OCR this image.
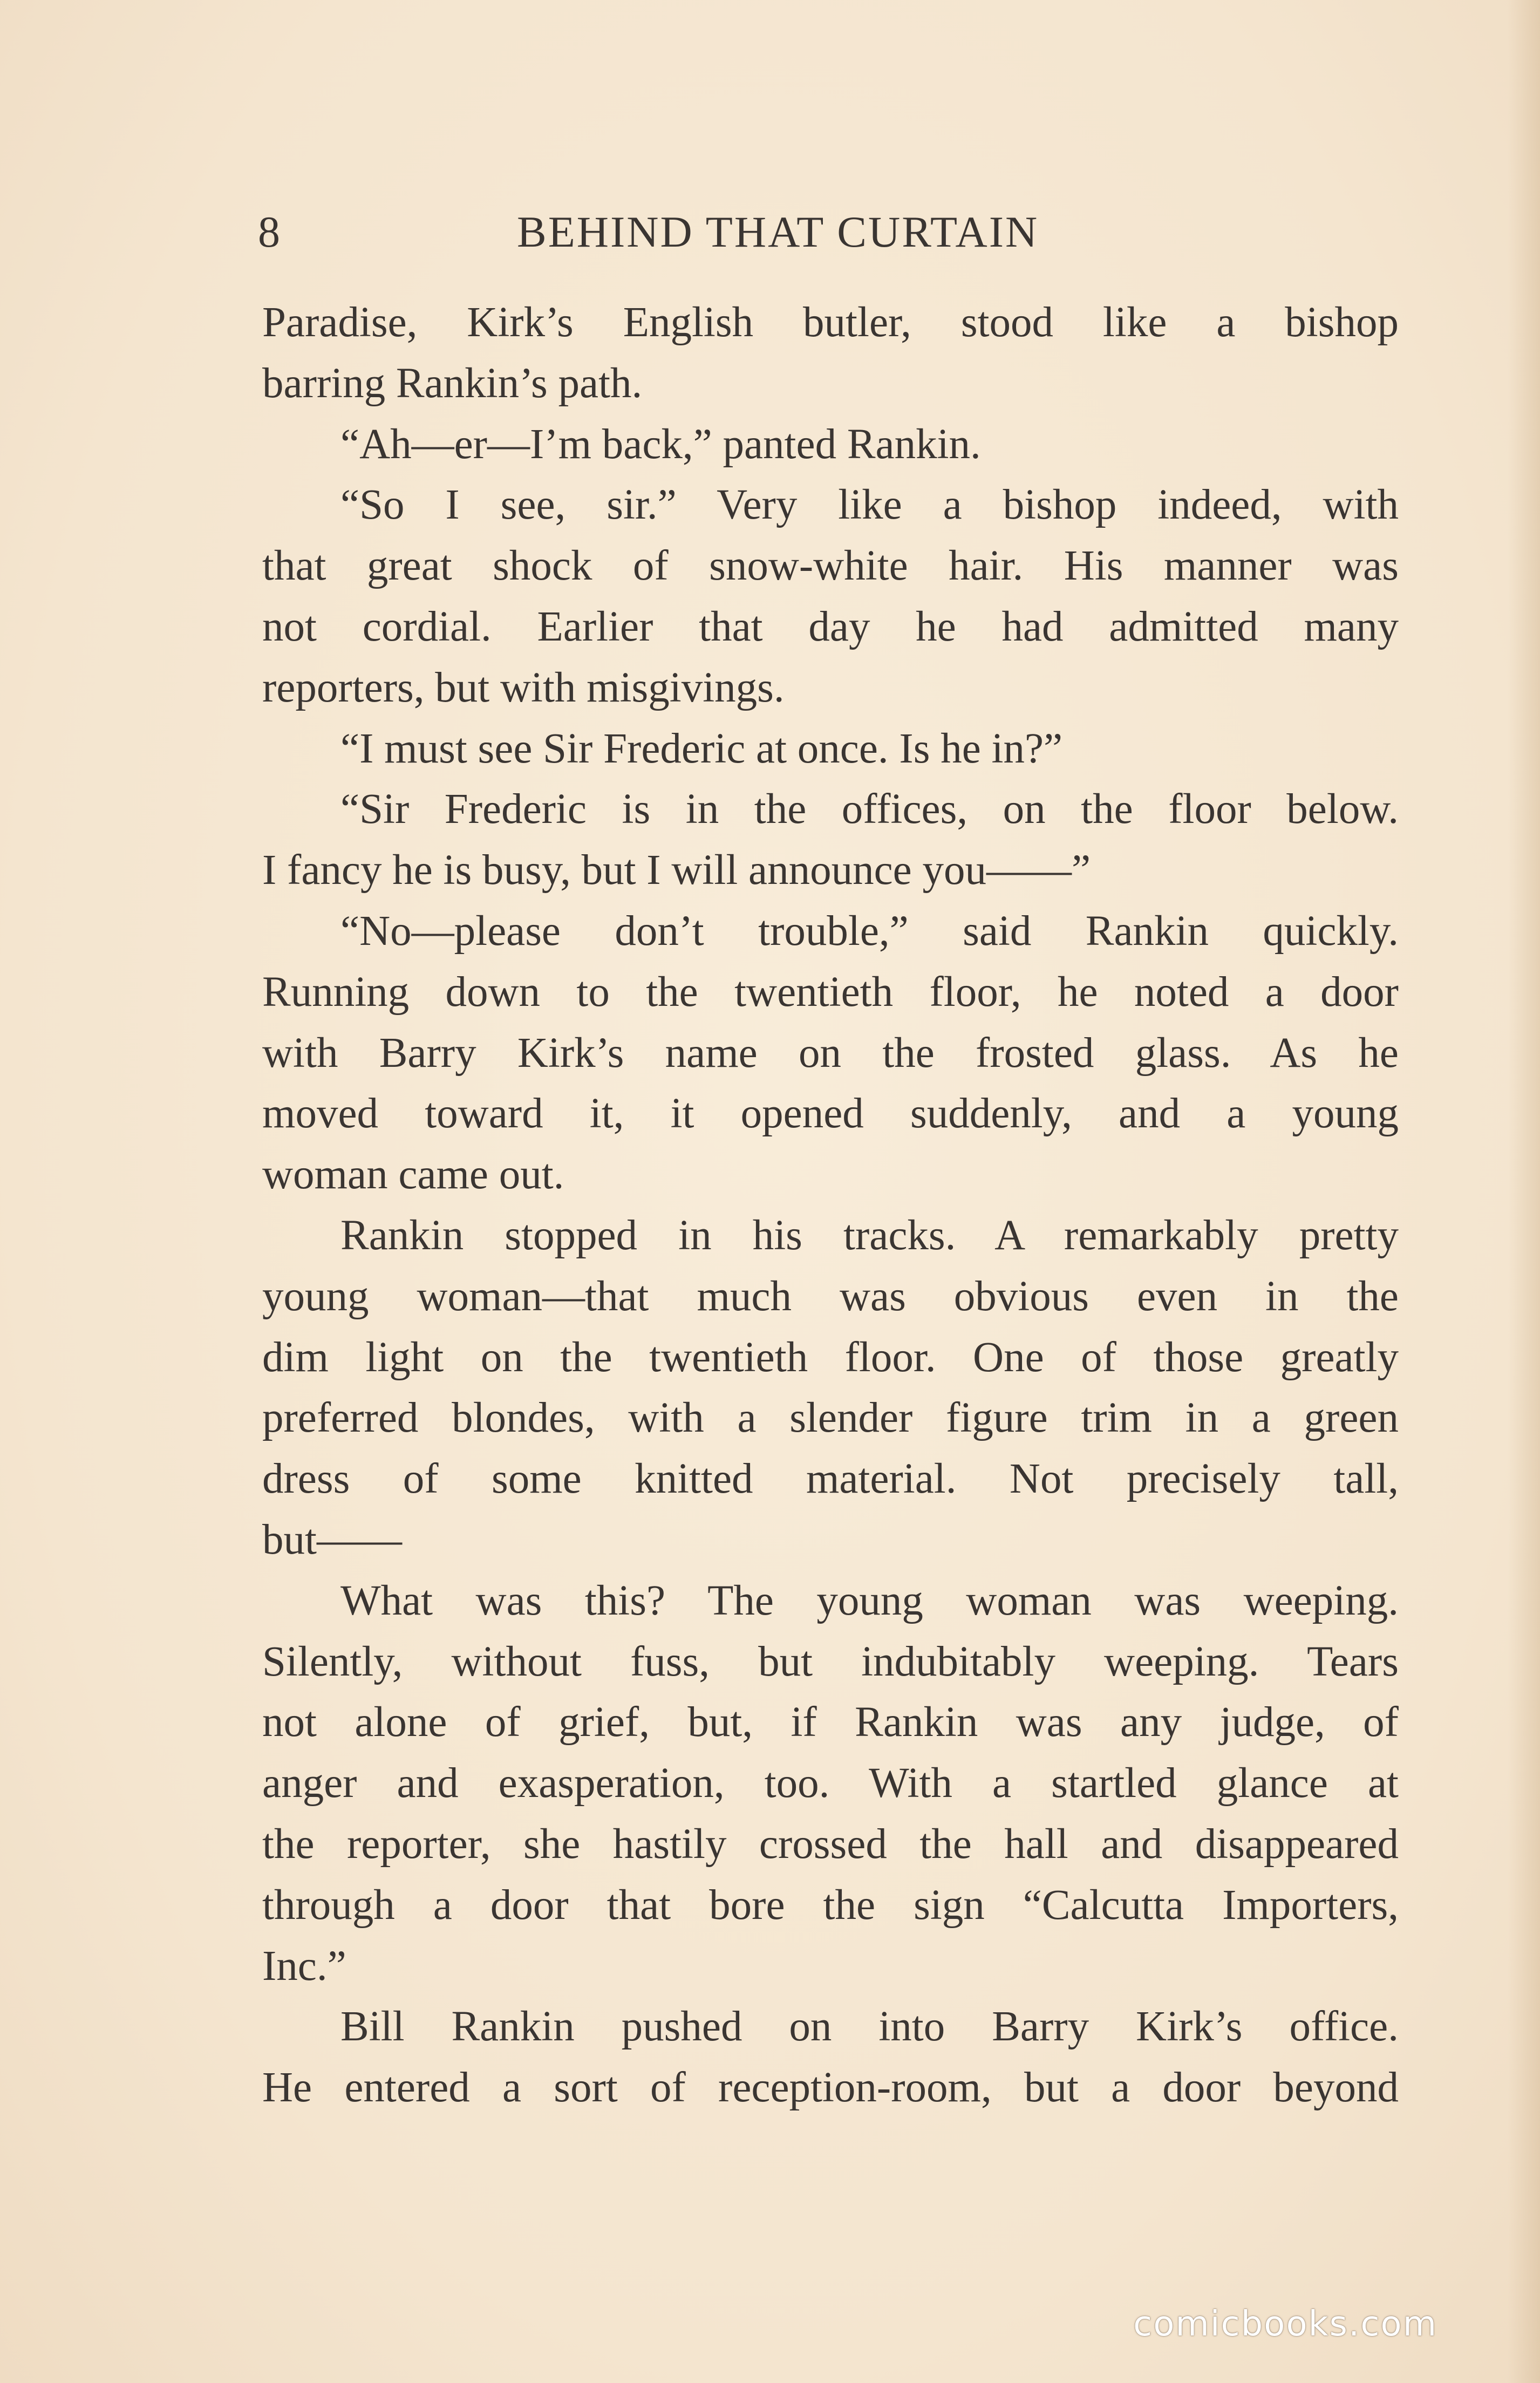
8	BEHIND THAT CURTAIN
Paradise, Kirk’s English butler, stood like a bishop
barring Rankin’s path.
“Ah—er—I’m back,” panted Rankin.
“So I see, sir.” Very like a bishop indeed, with
that great shock of snow-white hair. His manner was
not cordial. Earlier that day he had admitted many
reporters, but with misgivings.
“I must see Sir Frederic at once. Is he in?”
“Sir Frederic is in the offices, on the floor below.
I fancy he is busy, but I will announce you——”
“No—please don’t trouble,” said Rankin quickly.
Running down to the twentieth floor, he noted a door
with Barry Kirk’s name on the frosted glass. As he
moved toward it, it opened suddenly, and a young
woman came out.
Rankin stopped in his tracks. A remarkably pretty
young woman—that much was obvious even in the
dim light on the twentieth floor. One of those greatly
preferred blondes, with a slender figure trim in a green
dress of some knitted material. Not precisely tall,
but——
What was this? The young woman was weeping.
Silently, without fuss, but indubitably weeping. Tears
not alone of grief, but, if Rankin was any judge, of
anger and exasperation, too. With a startled glance at
the reporter, she hastily crossed the hall and disappeared
through a door that bore the sign “Calcutta Importers,
Inc.”
Bill Rankin pushed on into Barry Kirk’s office.
He entered a sort of reception-room, but a door beyond
comicbooks.com
